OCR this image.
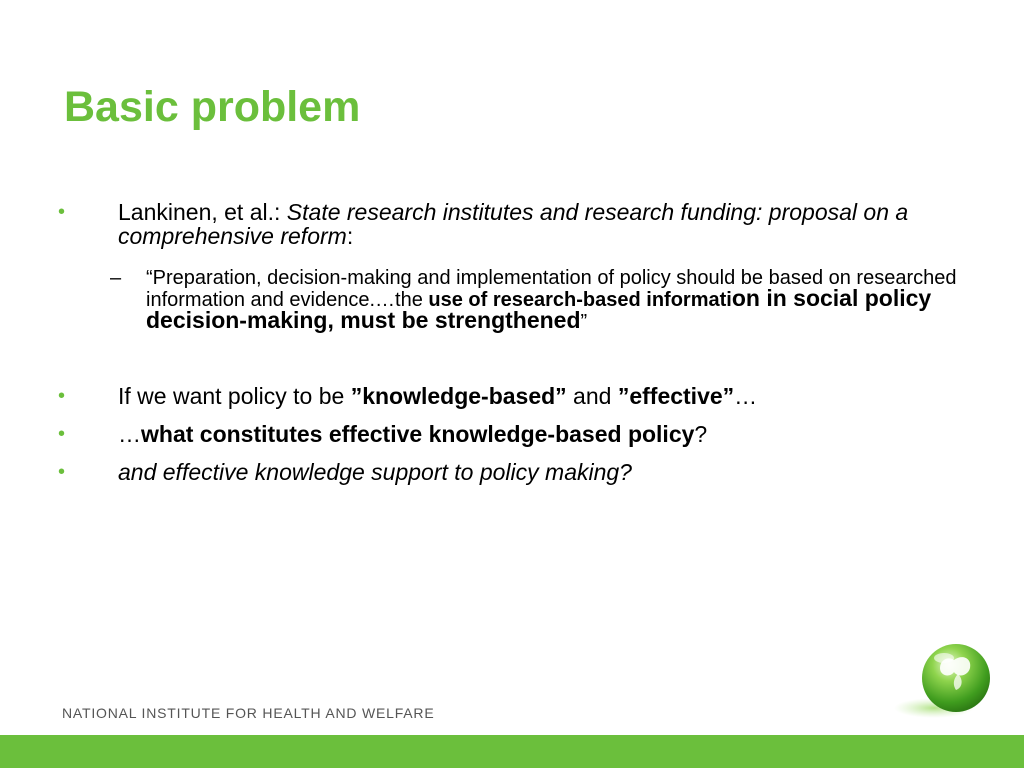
Basic problem

• Lankinen, et al.: State research institutes and research funding: proposal on a comprehensive reform:

– “Preparation, decision-making and implementation of policy should be based on researched information and evidence.…the use of research-based information in social policy decision-making, must be strengthened”

• If we want policy to be ”knowledge-based” and ”effective”…

• …what constitutes effective knowledge-based policy?

• and effective knowledge support to policy making?

NATIONAL INSTITUTE FOR HEALTH AND WELFARE
